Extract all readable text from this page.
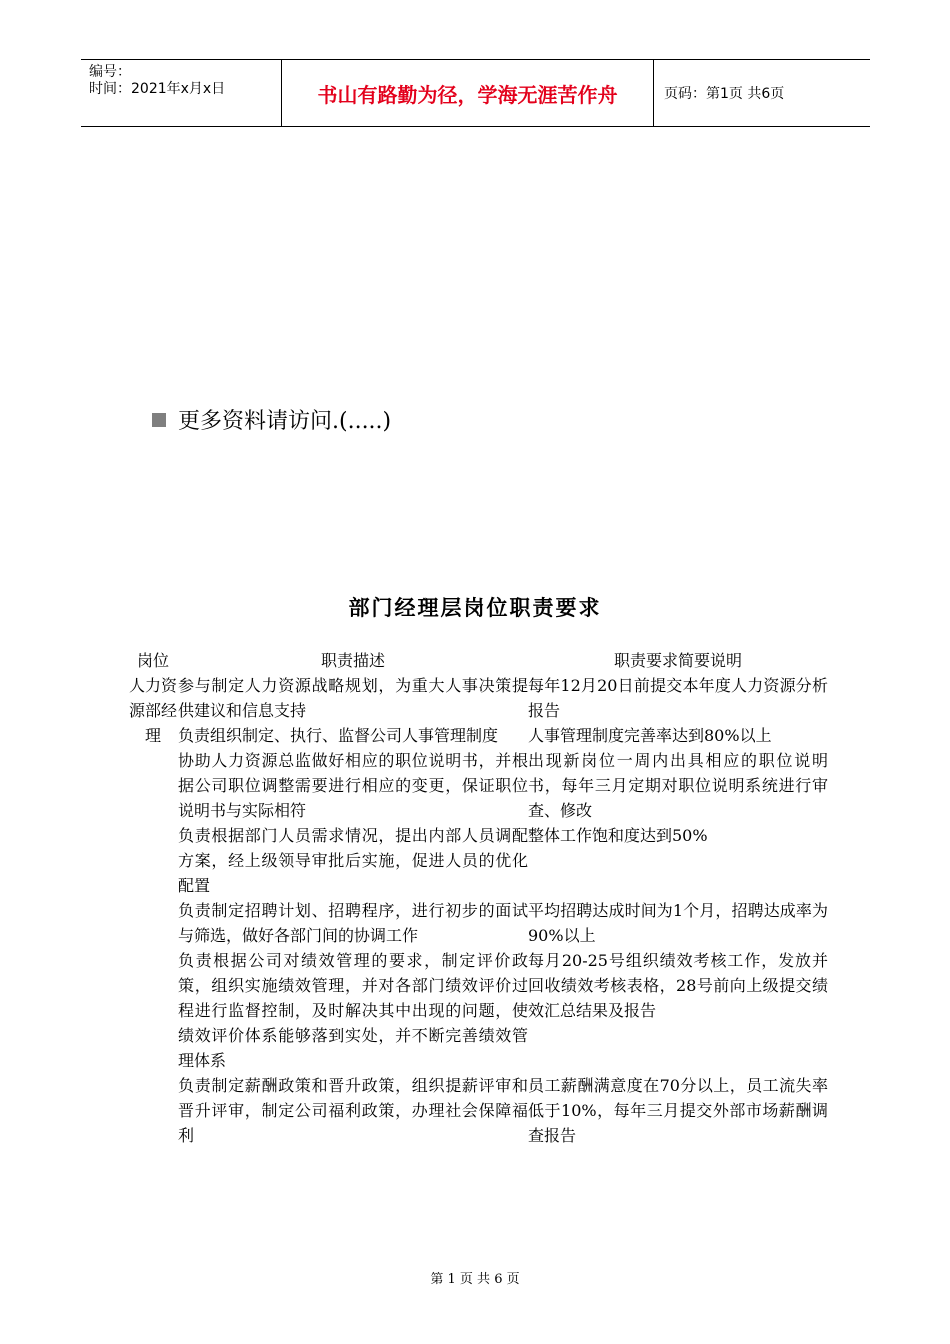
编号：
时间：2021年x月x日	书山有路勤为径，学海无涯苦作舟	页码：第1页 共6页
更多资料请访问.(.....)
部门经理层岗位职责要求
岗位	职责描述	职责要求简要说明
人力资源部经理	参与制定人力资源战略规划，为重大人事决策提供建议和信息支持	每年12月20日前提交本年度人力资源分析报告
	负责组织制定、执行、监督公司人事管理制度	人事管理制度完善率达到80%以上
	协助人力资源总监做好相应的职位说明书，并根据公司职位调整需要进行相应的变更，保证职位说明书与实际相符	出现新岗位一周内出具相应的职位说明书，每年三月定期对职位说明系统进行审查、修改
	负责根据部门人员需求情况，提出内部人员调配方案，经上级领导审批后实施，促进人员的优化配置	整体工作饱和度达到50%
	负责制定招聘计划、招聘程序，进行初步的面试与筛选，做好各部门间的协调工作	平均招聘达成时间为1个月，招聘达成率为90%以上
	负责根据公司对绩效管理的要求，制定评价政策，组织实施绩效管理，并对各部门绩效评价过程进行监督控制，及时解决其中出现的问题，使绩效评价体系能够落到实处，并不断完善绩效管理体系	每月20-25号组织绩效考核工作，发放并回收绩效考核表格，28号前向上级提交绩效汇总结果及报告
	负责制定薪酬政策和晋升政策，组织提薪评审和晋升评审，制定公司福利政策，办理社会保障福利	员工薪酬满意度在70分以上，员工流失率低于10%，每年三月提交外部市场薪酬调查报告
第 1 页 共 6 页
